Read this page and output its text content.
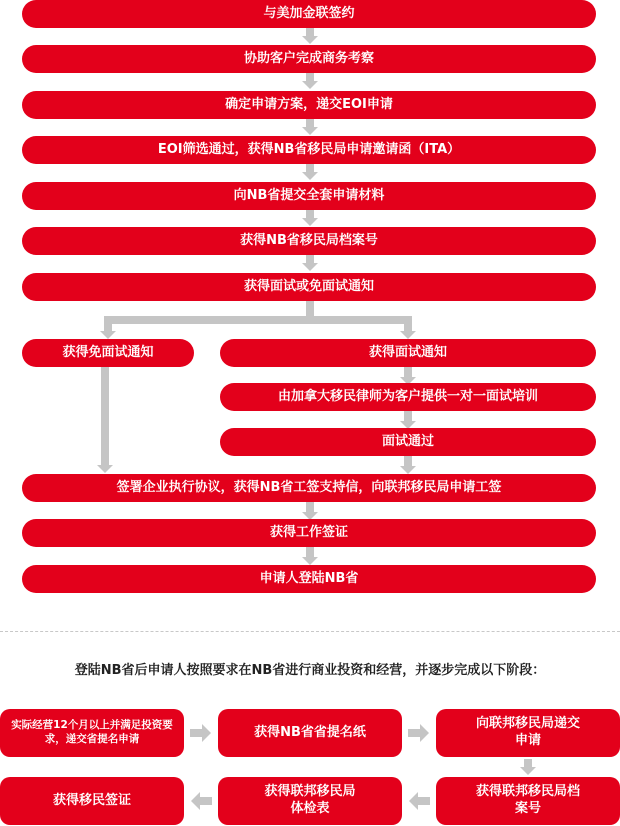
与美加金联签约
协助客户完成商务考察
确定申请方案，递交EOI申请
EOI筛选通过，获得NB省移民局申请邀请函（ITA）
向NB省提交全套申请材料
获得NB省移民局档案号
获得面试或免面试通知
获得免面试通知	获得面试通知
由加拿大移民律师为客户提供一对一面试培训
面试通过
签署企业执行协议，获得NB省工签支持信，向联邦移民局申请工签
获得工作签证
申请人登陆NB省
登陆NB省后申请人按照要求在NB省进行商业投资和经营，并逐步完成以下阶段：
实际经营12个月以上并满足投资要求，递交省提名申请	获得NB省省提名纸
向联邦移民局递交申请
获得移民签证
获得联邦移民局体检表
获得联邦移民局档案号
